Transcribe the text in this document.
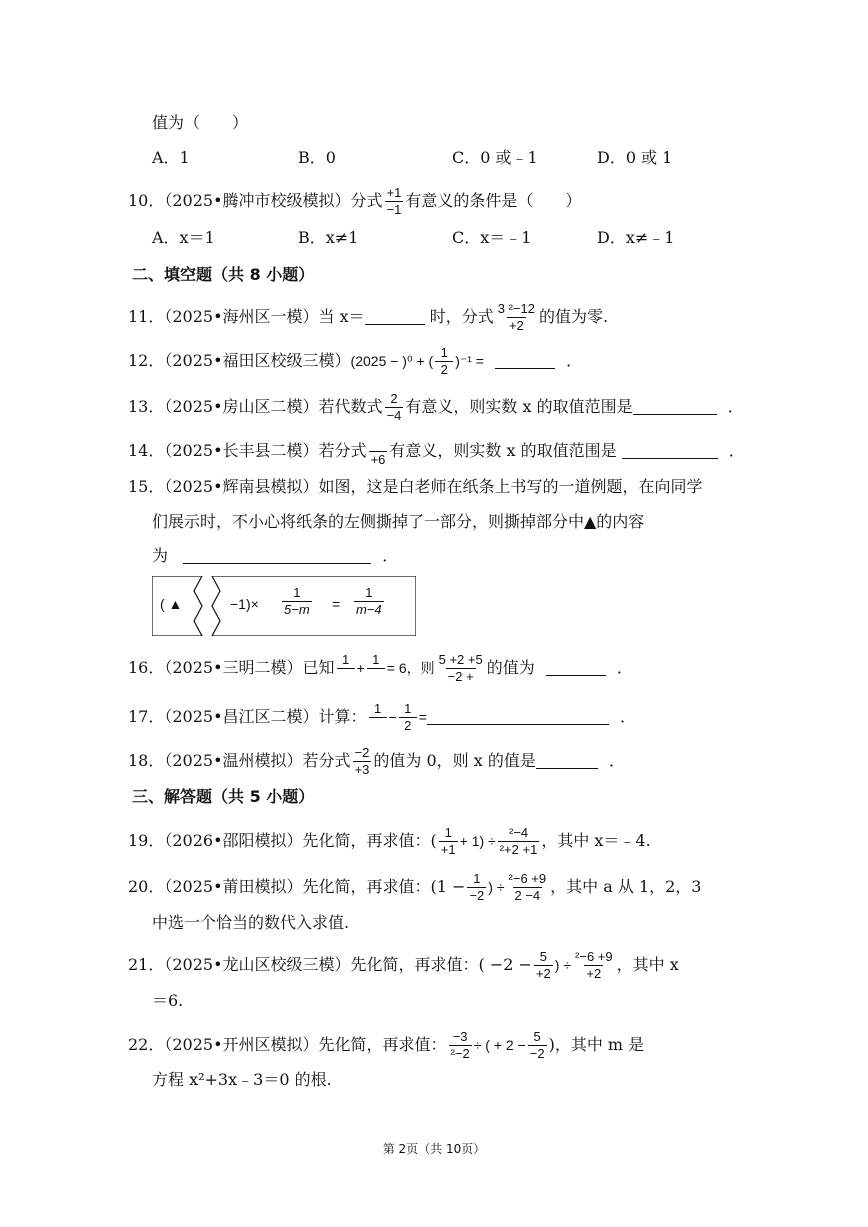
值为（　　）
A．1	B．0	C．0 或﹣1	D．0 或 1
10．（2025•腾冲市校级模拟）分式 $\frac{+1}{-1}$ 有意义的条件是（　　）
A．x＝1	B．x≠1	C．x＝﹣1	D．x≠﹣1
二、填空题（共 8 小题）
11．（2025•海州区一模）当 x＝	时，分式 $\frac{\text{3 ²−12}}{+2}$ 的值为零.
12．（2025•福田区校级三模）(2025 − )⁰ + ( $\frac{1}{2} )^{-1}$ =	．
13．（2025•房山区二模）若代数式 $\frac{2}{-4}$ 有意义，则实数 x 的取值范围是	．
14．（2025•长丰县二模）若分式 +6 有意义，则实数 x 的取值范围是	．
15．（2025•辉南县模拟）如图，这是白老师在纸条上书写的一道例题，在向同学
们展示时，不小心将纸条的左侧撕掉了一部分，则撕掉部分中▲的内容
为	．
( ▲	$-1)\times \frac{1}{5-m} = \frac{1}{m-4}$
16．（2025•三明二模）已知 1
+
1
= 6，则 $\frac{5 +2 +5}{-2 +}$ 的值为	．
17．（2025•昌江区二模）计算： 1
− $\frac{1}{2}$ =	．
18．（2025•温州模拟）若分式 $\frac{-2}{+3}$ 的值为 0，则 x 的值是	．
三、解答题（共 5 小题）
19．（2026•邵阳模拟）先化简，再求值：( $\frac{1}{+1} + 1) \div \frac{\text{²−4}}{\text{²+2 +1}}$ ，其中 x＝﹣4.
20．（2025•莆田模拟）先化简，再求值：($1 - \frac{1}{-2}$ ) ÷ $\frac{\text{²−6 +9}}{2 -4}$ ，其中 a 从 1，2，3
中选一个恰当的数代入求值.
21．（2025•龙山区校级三模）先化简，再求值：( $-2 - \frac{5}{+2}$ ) ÷ $\frac{\text{²−6 +9}}{+2}$ ，其中 x
＝6.
22．（2025•开州区模拟）先化简，再求值： $\frac{-3}{\text{²−2}}$ ÷ ( + $2 - \frac{5}{-2}$ )，其中 m 是
方程 x²+3x﹣3＝0 的根.
第 2页（共 10页）
